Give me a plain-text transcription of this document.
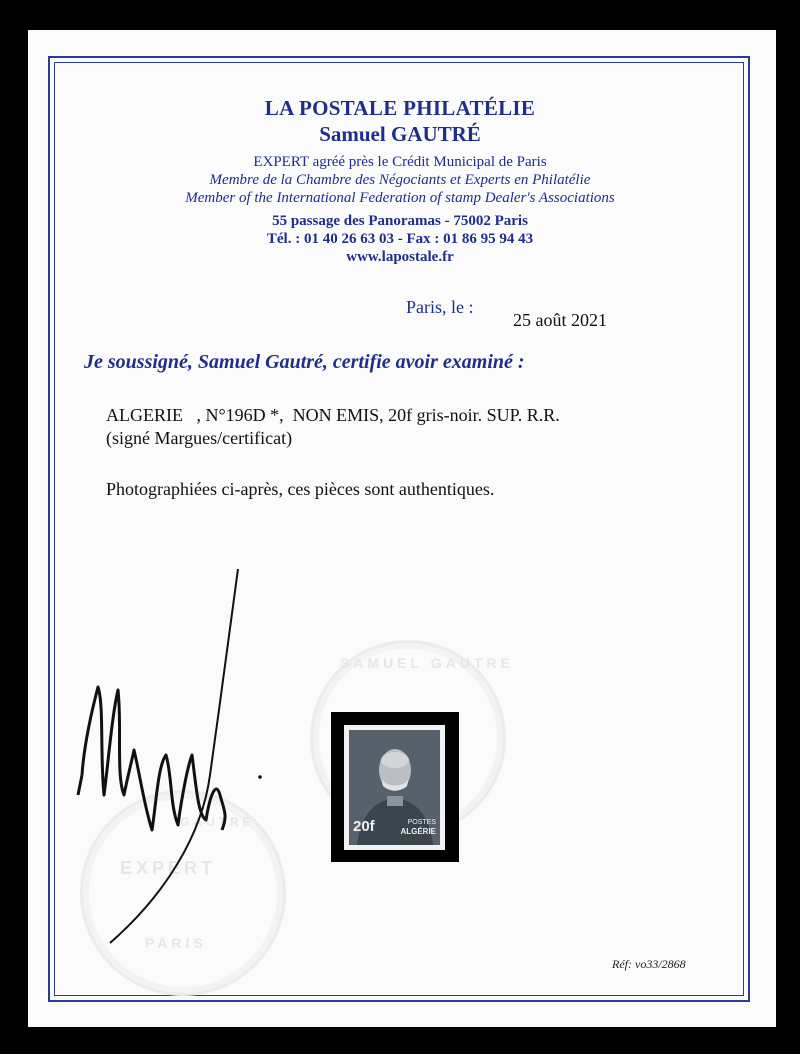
LA POSTALE PHILATÉLIE
Samuel GAUTRÉ
EXPERT agréé près le Crédit Municipal de Paris
Membre de la Chambre des Négociants et Experts en Philatélie
Member of the International Federation of stamp Dealer's Associations
55 passage des Panoramas - 75002 Paris
Tél. : 01 40 26 63 03 - Fax : 01 86 95 94 43
www.lapostale.fr
Paris, le :
25 août 2021
Je soussigné, Samuel Gautré, certifie avoir examiné :
ALGERIE   , N°196D *,  NON EMIS, 20f gris-noir. SUP. R.R.
(signé Margues/certificat)
Photographiées ci-après, ces pièces sont authentiques.
SAMUEL GAUTRE
GAUTRE
EXPERT
PARIS
20f	POSTES
ALGÉRIE
Réf: vo33/2868
